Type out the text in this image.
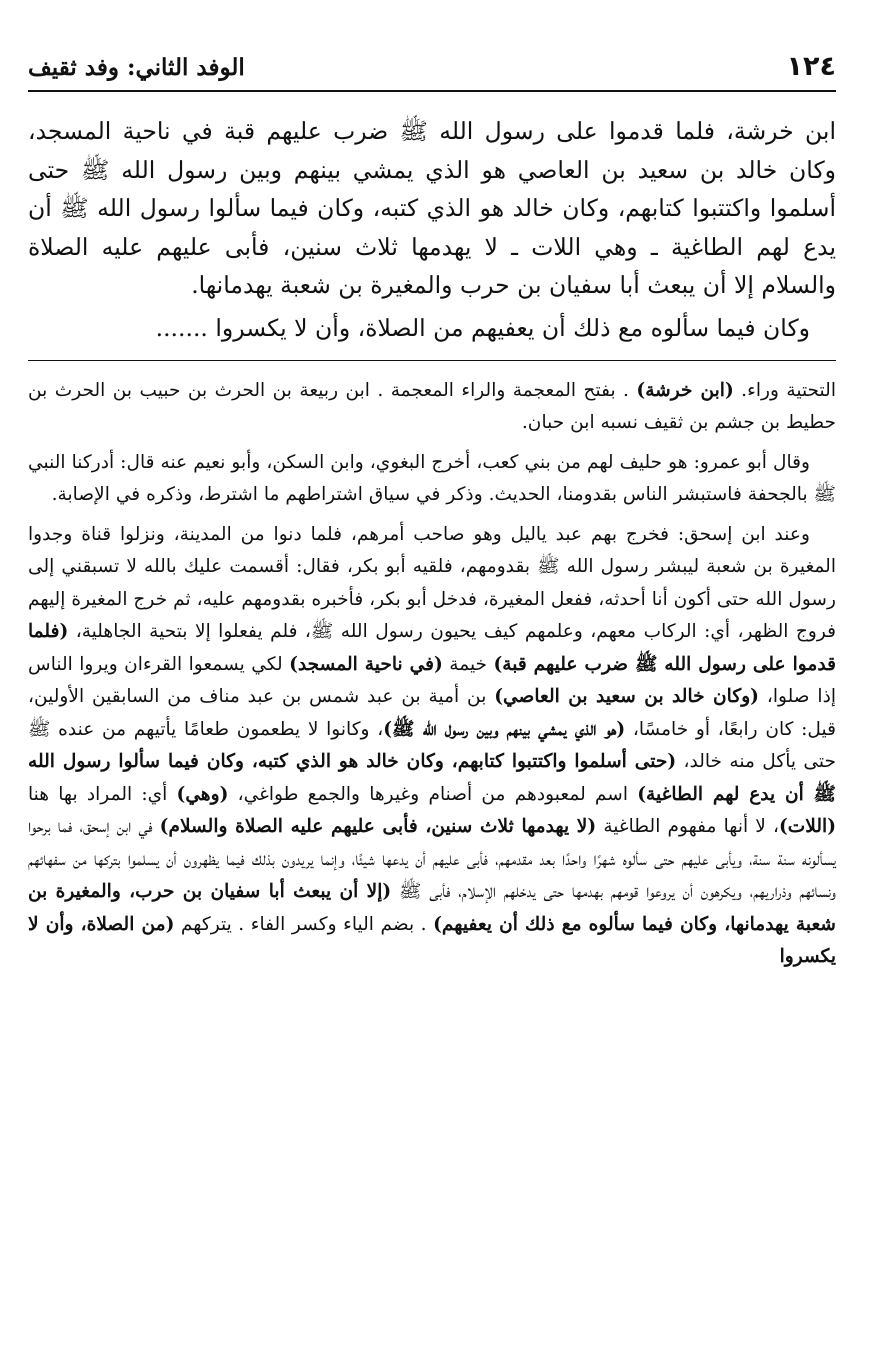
١٢٤
الوفد الثاني: وفد ثقيف

ابن خرشة، فلما قدموا على رسول الله ﷺ ضرب عليهم قبة في ناحية المسجد، وكان خالد بن سعيد بن العاصي هو الذي يمشي بينهم وبين رسول الله ﷺ حتى أسلموا واكتتبوا كتابهم، وكان خالد هو الذي كتبه، وكان فيما سألوا رسول الله ﷺ أن يدع لهم الطاغية ـ وهي اللات ـ لا يهدمها ثلاث سنين، فأبى عليهم عليه الصلاة والسلام إلا أن يبعث أبا سفيان بن حرب والمغيرة بن شعبة يهدمانها.

وكان فيما سألوه مع ذلك أن يعفيهم من الصلاة، وأن لا يكسروا .......

التحتية وراء. (ابن خرشة) . بفتح المعجمة والراء المعجمة . ابن ربيعة بن الحرث بن حبيب بن الحرث بن حطيط بن جشم بن ثقيف نسبه ابن حبان.

وقال أبو عمرو: هو حليف لهم من بني كعب، أخرج البغوي، وابن السكن، وأبو نعيم عنه قال: أدركنا النبي ﷺ بالجحفة فاستبشر الناس بقدومنا، الحديث. وذكر في سياق اشتراطهم ما اشترط، وذكره في الإصابة.

وعند ابن إسحق: فخرج بهم عبد ياليل وهو صاحب أمرهم، فلما دنوا من المدينة، ونزلوا قناة وجدوا المغيرة بن شعبة ليبشر رسول الله ﷺ بقدومهم، فلقيه أبو بكر، فقال: أقسمت عليك بالله لا تسبقني إلى رسول الله حتى أكون أنا أحدثه، ففعل المغيرة، فدخل أبو بكر، فأخبره بقدومهم عليه، ثم خرج المغيرة إليهم فروج الظهر، أي: الركاب معهم، وعلمهم كيف يحيون رسول الله ﷺ، فلم يفعلوا إلا بتحية الجاهلية، (فلما قدموا على رسول الله ﷺ ضرب عليهم قبة) خيمة (في ناحية المسجد) لكي يسمعوا القرءان ويروا الناس إذا صلوا، (وكان خالد بن سعيد بن العاصي) بن أمية بن عبد شمس بن عبد مناف من السابقين الأولين، قيل: كان رابعًا، أو خامسًا، (هو الذي يمشي بينهم وبين رسول الله ﷺ)، وكانوا لا يطعمون طعامًا يأتيهم من عنده ﷺ حتى يأكل منه خالد، (حتى أسلموا واكتتبوا كتابهم، وكان خالد هو الذي كتبه، وكان فيما سألوا رسول الله ﷺ أن يدع لهم الطاغية) اسم لمعبودهم من أصنام وغيرها والجمع طواغي، (وهي) أي: المراد بها هنا (اللات)، لا أنها مفهوم الطاغية (لا يهدمها ثلاث سنين، فأبى عليهم عليه الصلاة والسلام) في ابن إسحق، فما برحوا يسألونه سنة سنة، ويأبى عليهم حتى سألوه شهرًا واحدًا بعد مقدمهم، فأبى عليهم أن يدعها شيئًا، وإنما يريدون بذلك فيما يظهرون أن يسلموا بتركها من سفهائهم ونسائهم وذراريهم، ويكرهون أن يروعوا قومهم بهدمها حتى يدخلهم الإسلام، فأبى ﷺ (إلا أن يبعث أبا سفيان بن حرب، والمغيرة بن شعبة يهدمانها، وكان فيما سألوه مع ذلك أن يعفيهم) . بضم الياء وكسر الفاء . يتركهم (من الصلاة، وأن لا يكسروا
